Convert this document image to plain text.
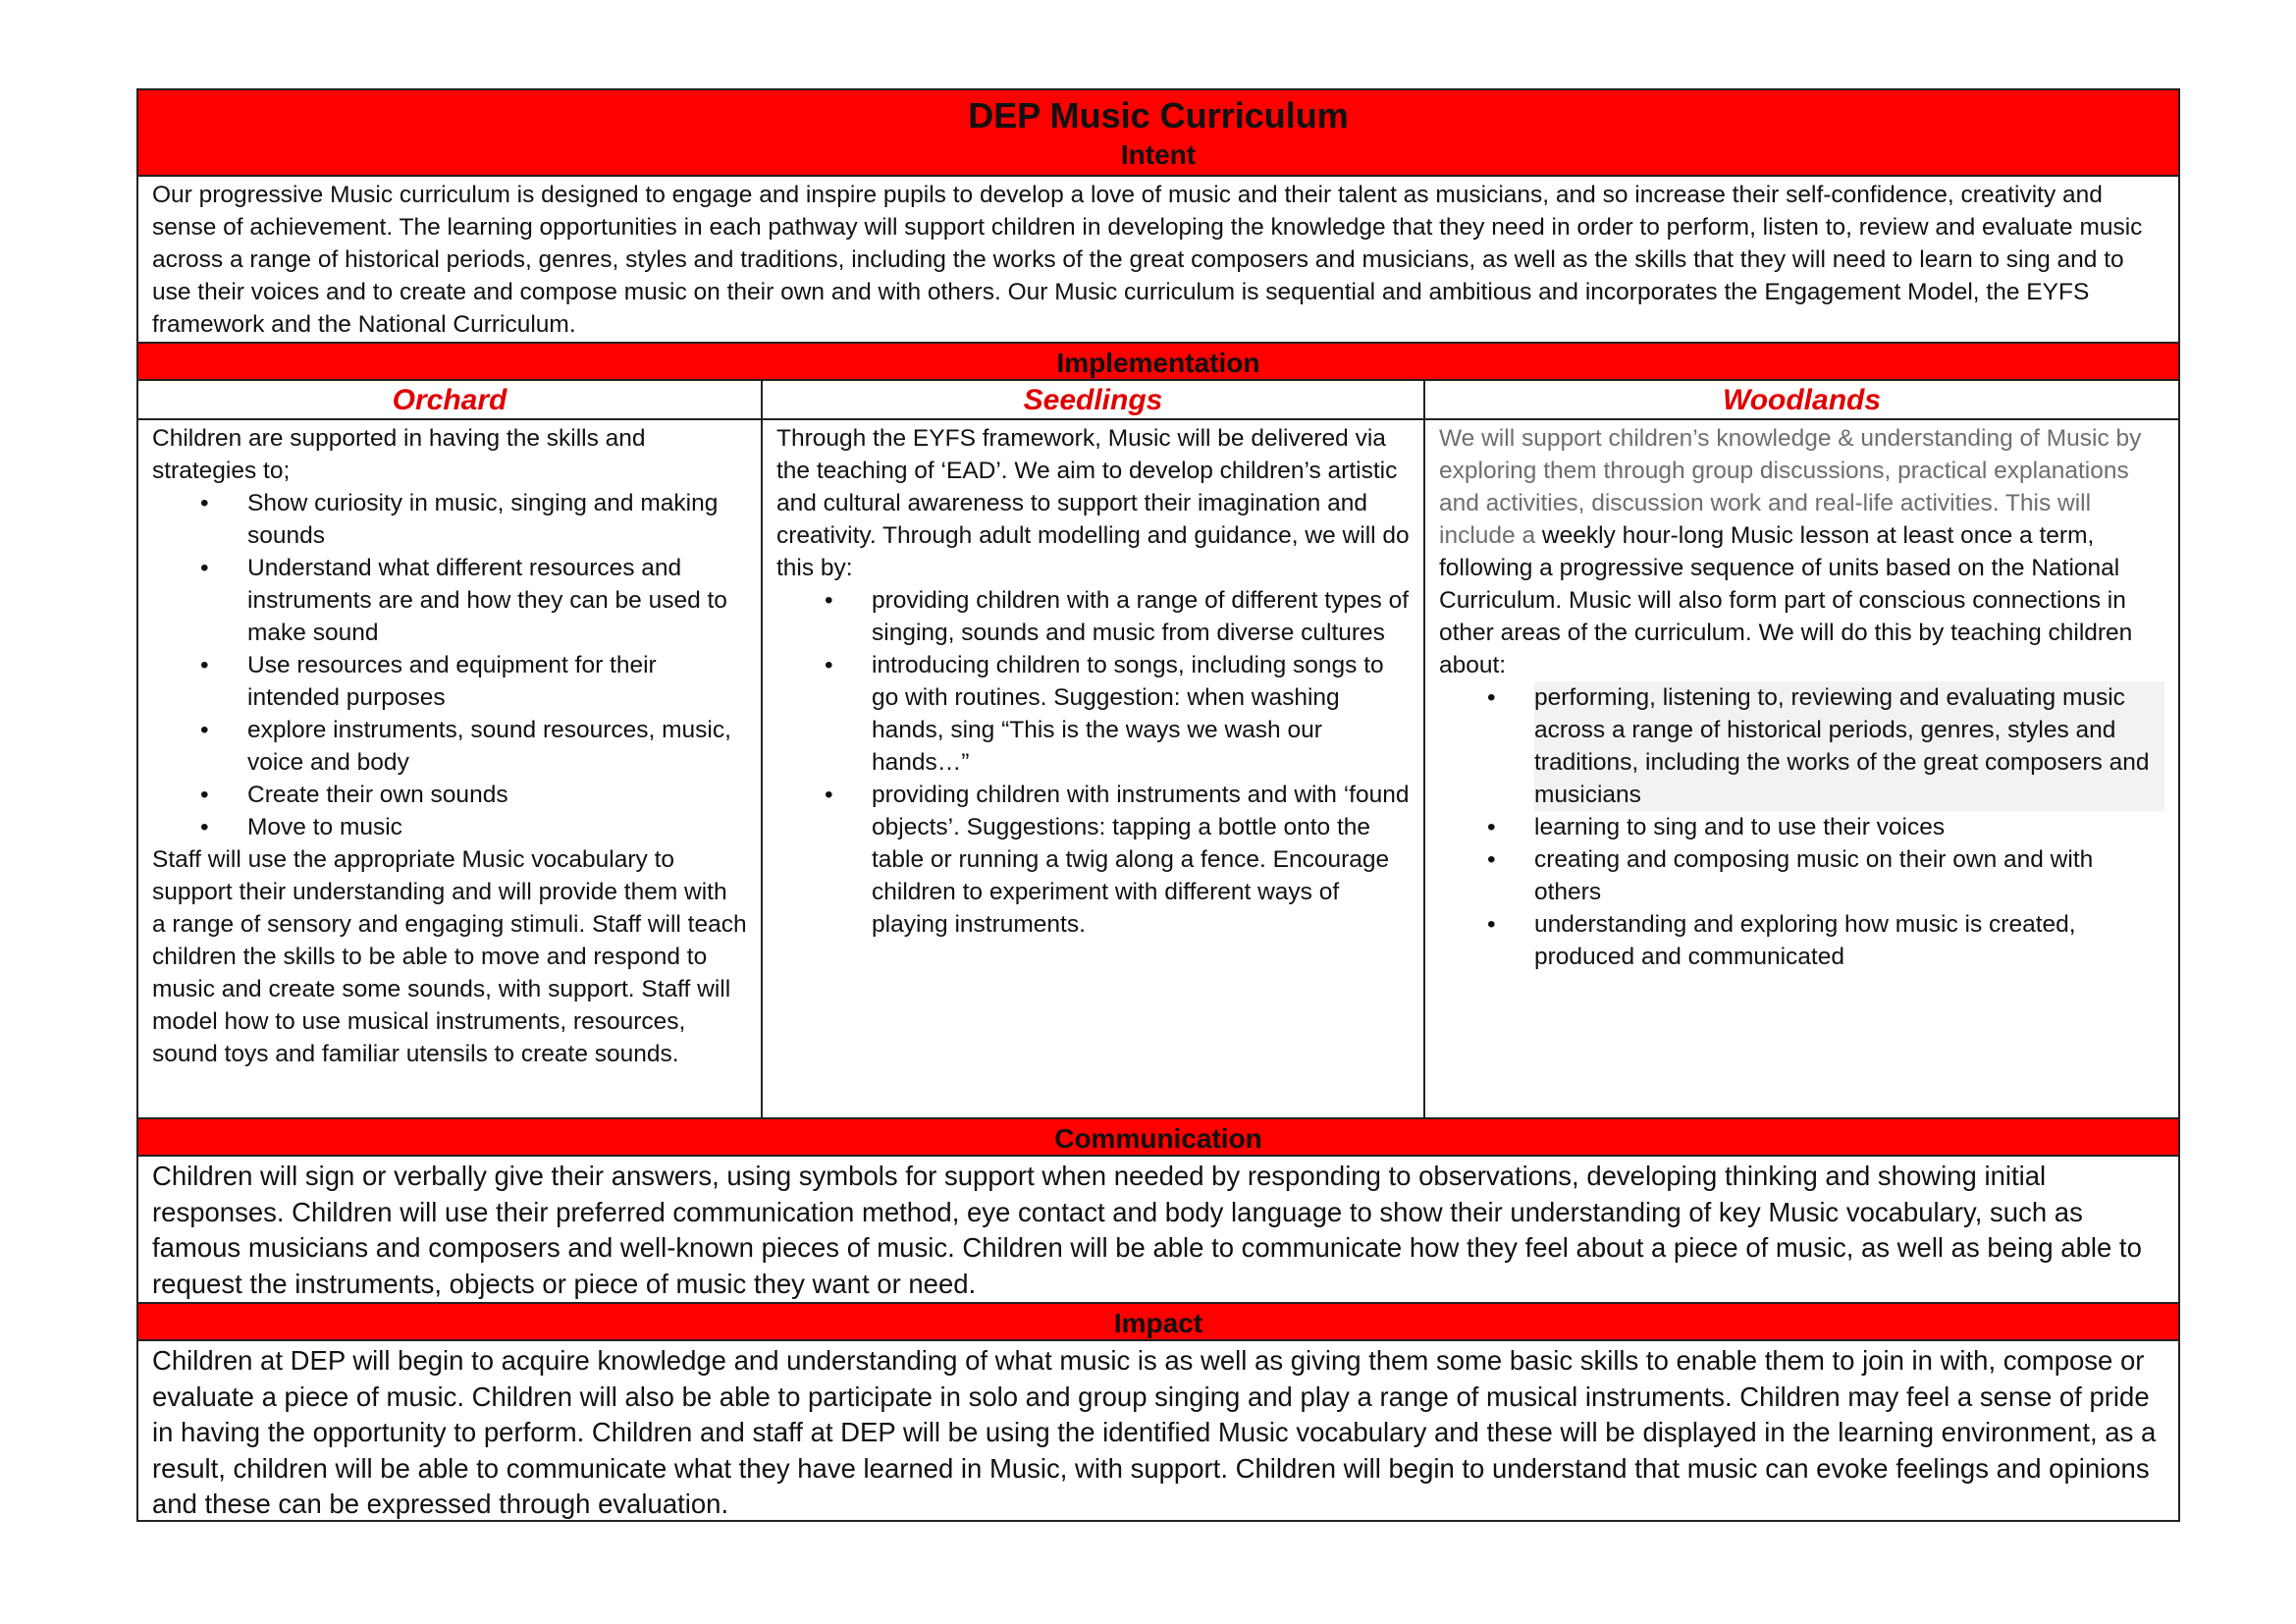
DEP Music Curriculum
Intent
Our progressive Music curriculum is designed to engage and inspire pupils to develop a love of music and their talent as musicians, and so increase their self-confidence, creativity and sense of achievement. The learning opportunities in each pathway will support children in developing the knowledge that they need in order to perform, listen to, review and evaluate music across a range of historical periods, genres, styles and traditions, including the works of the great composers and musicians, as well as the skills that they will need to learn to sing and to use their voices and to create and compose music on their own and with others. Our Music curriculum is sequential and ambitious and incorporates the Engagement Model, the EYFS framework and the National Curriculum.
Implementation
Orchard

Children are supported in having the skills and strategies to;

• Show curiosity in music, singing and making sounds
• Understand what different resources and instruments are and how they can be used to make sound
• Use resources and equipment for their intended purposes
• explore instruments, sound resources, music, voice and body
• Create their own sounds
• Move to music

Staff will use the appropriate Music vocabulary to support their understanding and will provide them with a range of sensory and engaging stimuli. Staff will teach children the skills to be able to move and respond to music and create some sounds, with support. Staff will model how to use musical instruments, resources, sound toys and familiar utensils to create sounds.

Seedlings

Through the EYFS framework, Music will be delivered via the teaching of ‘EAD’. We aim to develop children’s artistic and cultural awareness to support their imagination and creativity. Through adult modelling and guidance, we will do this by:

• providing children with a range of different types of singing, sounds and music from diverse cultures
• introducing children to songs, including songs to go with routines. Suggestion: when washing hands, sing “This is the ways we wash our hands…”
• providing children with instruments and with ‘found objects’. Suggestions: tapping a bottle onto the table or running a twig along a fence. Encourage children to experiment with different ways of playing instruments.
Woodlands

We will support children’s knowledge & understanding of Music by exploring them through group discussions, practical explanations and activities, discussion work and real-life activities. This will include a weekly hour-long Music lesson at least once a term, following a progressive sequence of units based on the National Curriculum. Music will also form part of conscious connections in other areas of the curriculum. We will do this by teaching children about:

• performing, listening to, reviewing and evaluating music across a range of historical periods, genres, styles and traditions, including the works of the great composers and musicians
• learning to sing and to use their voices
• creating and composing music on their own and with others
• understanding and exploring how music is created, produced and communicated
Communication
Children will sign or verbally give their answers, using symbols for support when needed by responding to observations, developing thinking and showing initial responses. Children will use their preferred communication method, eye contact and body language to show their understanding of key Music vocabulary, such as famous musicians and composers and well-known pieces of music. Children will be able to communicate how they feel about a piece of music, as well as being able to request the instruments, objects or piece of music they want or need.
Impact
Children at DEP will begin to acquire knowledge and understanding of what music is as well as giving them some basic skills to enable them to join in with, compose or evaluate a piece of music. Children will also be able to participate in solo and group singing and play a range of musical instruments. Children may feel a sense of pride in having the opportunity to perform. Children and staff at DEP will be using the identified Music vocabulary and these will be displayed in the learning environment, as a result, children will be able to communicate what they have learned in Music, with support. Children will begin to understand that music can evoke feelings and opinions and these can be expressed through evaluation.
